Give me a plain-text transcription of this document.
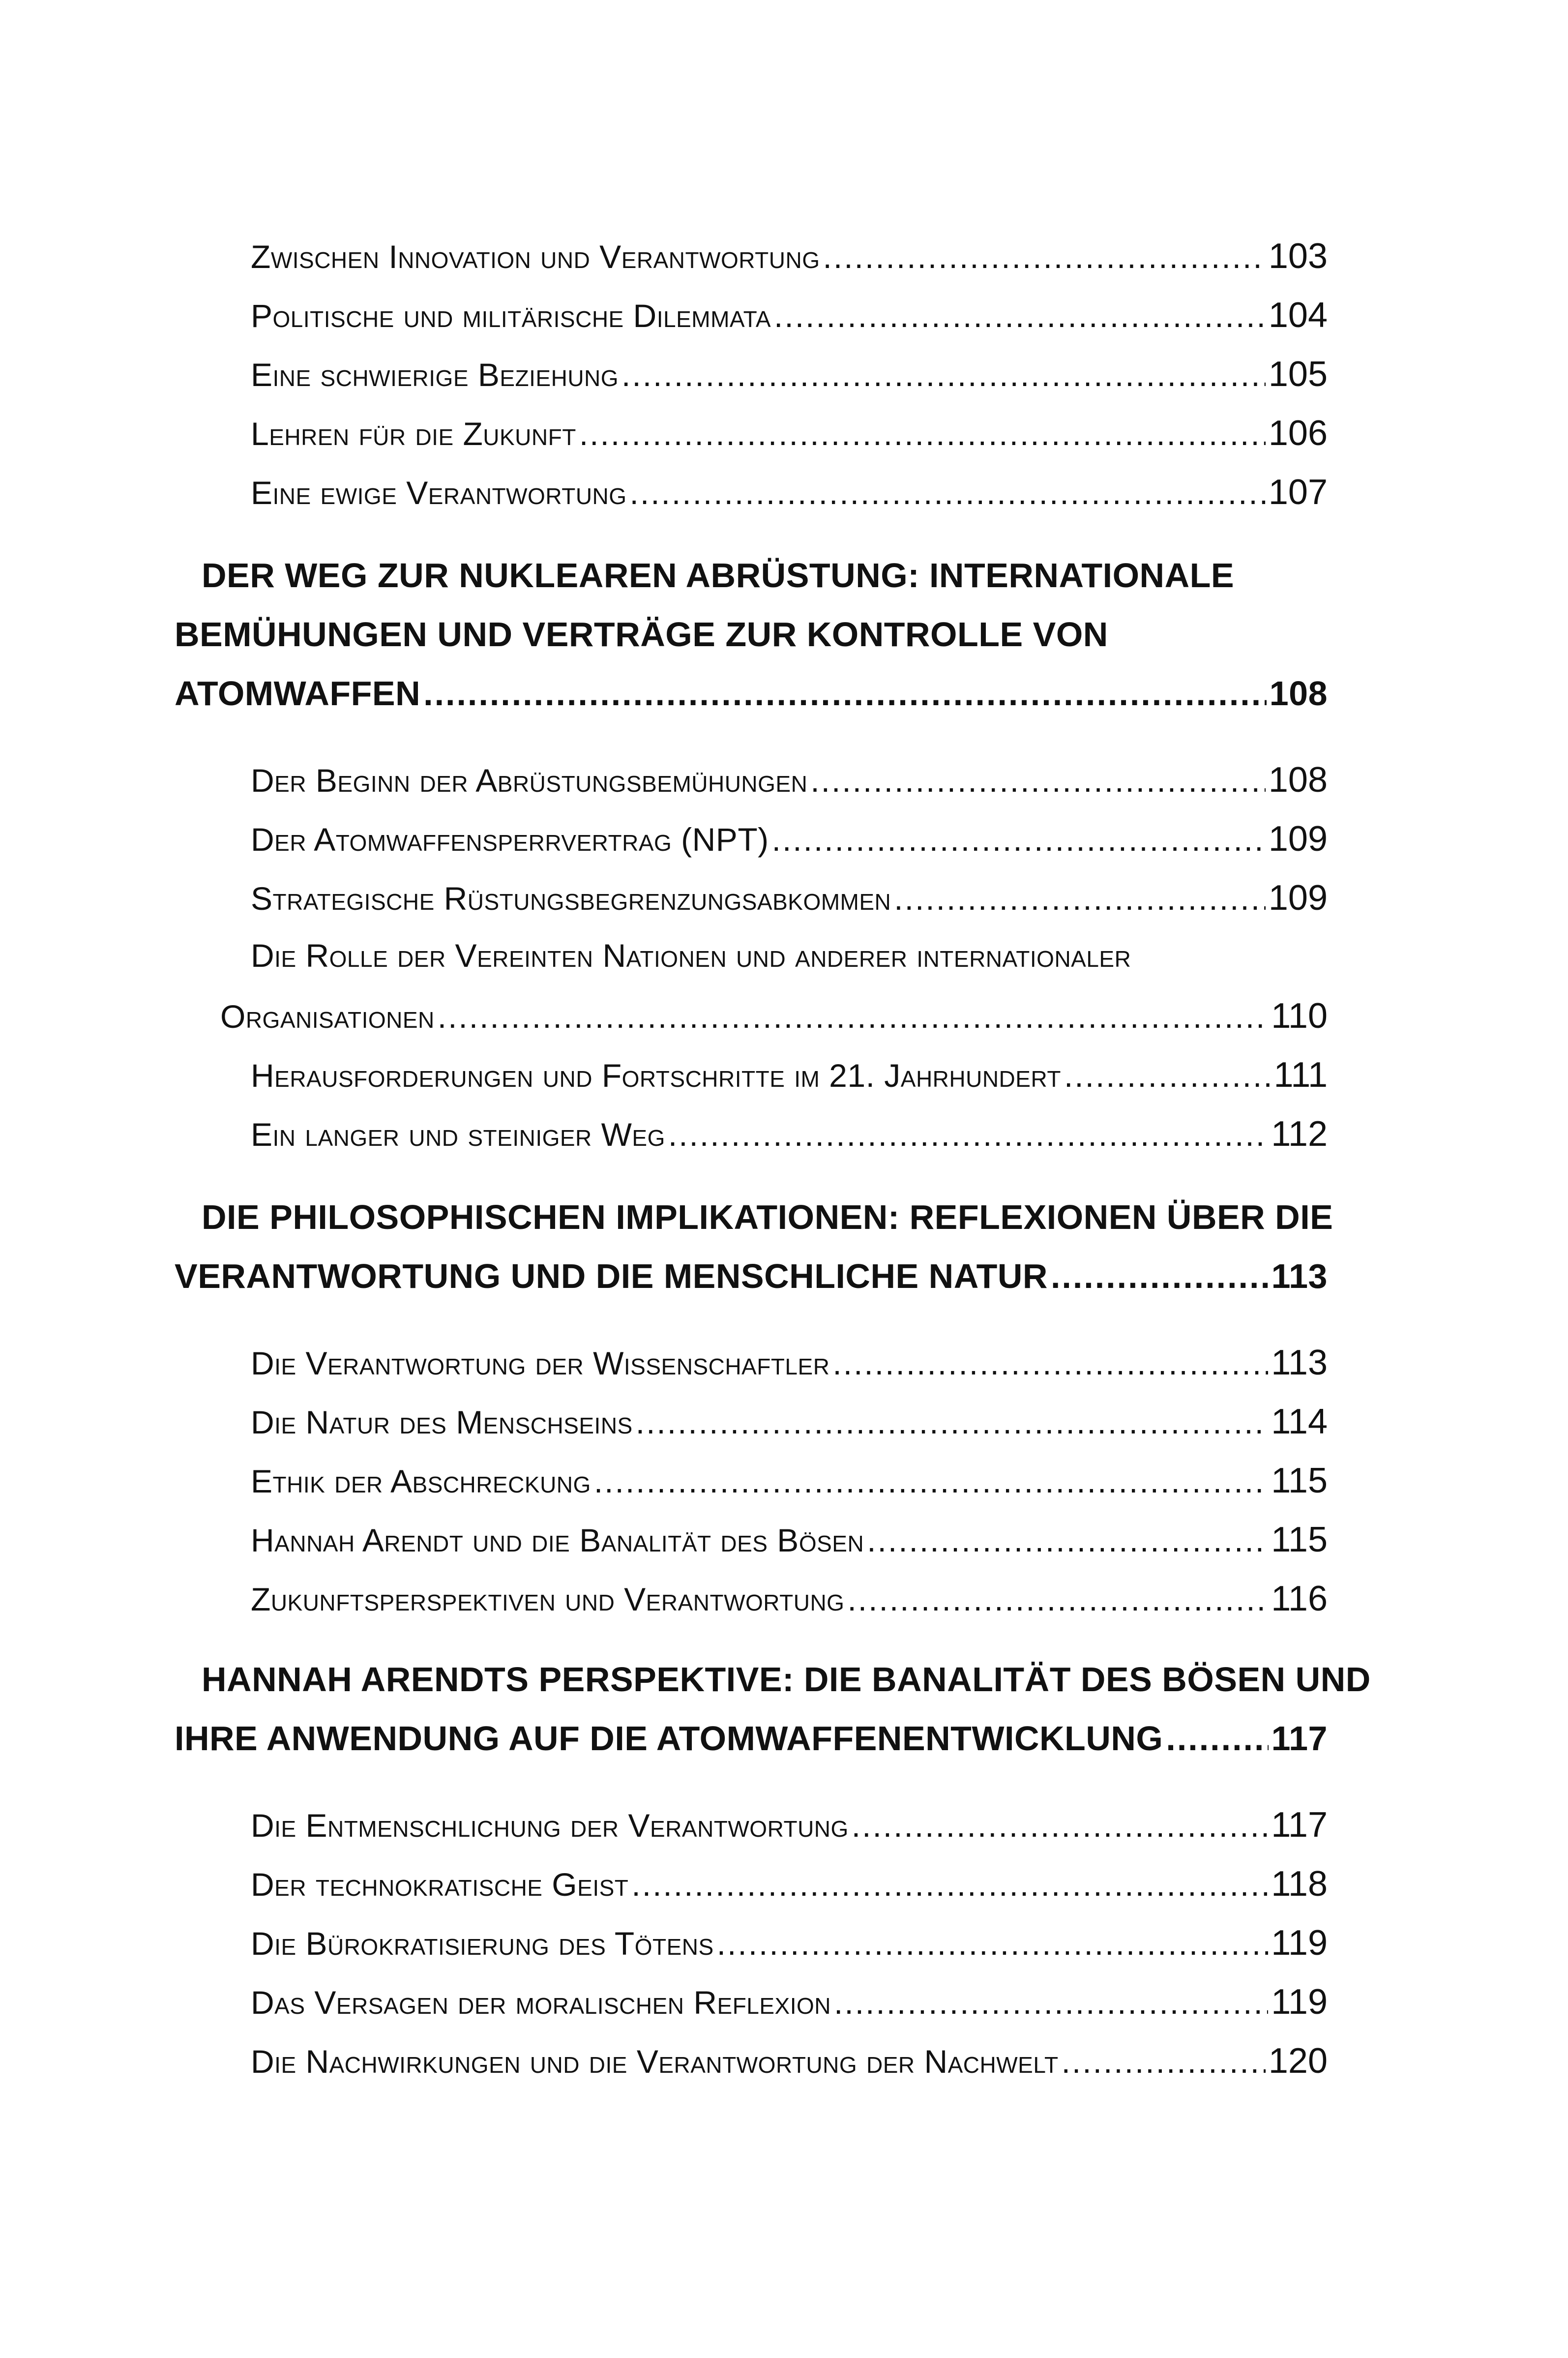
Zwischen Innovation und Verantwortung .....	103
Politische und militärische Dilemmata .....	104
Eine schwierige Beziehung .....	105
Lehren für die Zukunft .....	106
Eine ewige Verantwortung .....	107
DER WEG ZUR NUKLEAREN ABRÜSTUNG: INTERNATIONALE
BEMÜHUNGEN UND VERTRÄGE ZUR KONTROLLE VON
ATOMWAFFEN .....	108
Der Beginn der Abrüstungsbemühungen .....	108
Der Atomwaffensperrvertrag (NPT) .....	109
Strategische Rüstungsbegrenzungsabkommen .....	109
Die Rolle der Vereinten Nationen und anderer internationaler
Organisationen .....	110
Herausforderungen und Fortschritte im 21. Jahrhundert .....	111
Ein langer und steiniger Weg .....	112
DIE PHILOSOPHISCHEN IMPLIKATIONEN: REFLEXIONEN ÜBER DIE
VERANTWORTUNG UND DIE MENSCHLICHE NATUR .....	113
Die Verantwortung der Wissenschaftler .....	113
Die Natur des Menschseins .....	114
Ethik der Abschreckung .....	115
Hannah Arendt und die Banalität des Bösen .....	115
Zukunftsperspektiven und Verantwortung .....	116
HANNAH ARENDTS PERSPEKTIVE: DIE BANALITÄT DES BÖSEN UND
IHRE ANWENDUNG AUF DIE ATOMWAFFENENTWICKLUNG .....	117
Die Entmenschlichung der Verantwortung .....	117
Der technokratische Geist .....	118
Die Bürokratisierung des Tötens .....	119
Das Versagen der moralischen Reflexion .....	119
Die Nachwirkungen und die Verantwortung der Nachwelt .....	120
